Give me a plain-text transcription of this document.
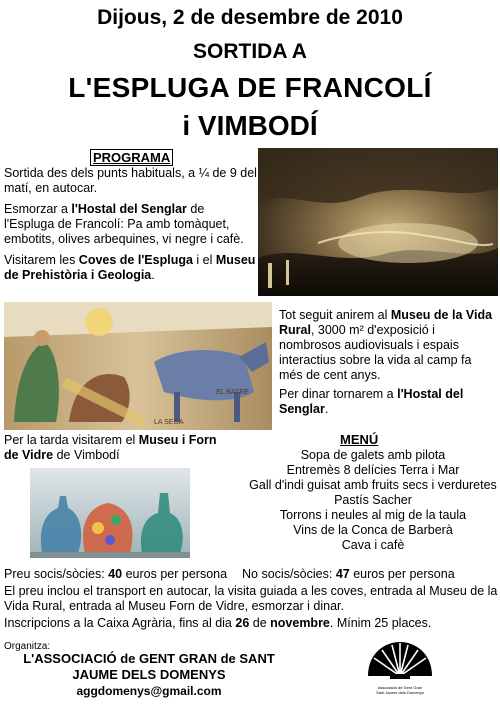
Dijous, 2 de desembre de 2010
SORTIDA A
L'ESPLUGA DE FRANCOLÍ
i VIMBODÍ
PROGRAMA
Sortida des dels punts habituals, a ¼ de 9 del matí, en autocar.
Esmorzar a l'Hostal del Senglar de l'Espluga de Francolí: Pa amb tomàquet, embotits, olives arbequines, vi negre i cafè.
Visitarem les Coves de l'Espluga i el Museu de Prehistòria i Geologia.
EL BATRE
LA SEGA
Tot seguit anirem al Museu de la Vida Rural, 3000 m² d'exposició i nombrosos audiovisuals i espais interactius sobre la vida al camp fa més de cent anys.
Per dinar tornarem a l'Hostal del Senglar.
Per la tarda visitarem el Museu i Forn de Vidre de Vimbodí
MENÚ
Sopa de galets amb pilota
Entremès 8 delícies Terra i Mar
Gall d'indi guisat amb fruits secs i verduretes
Pastís Sacher
Torrons i neules al mig de la taula
Vins de la Conca de Barberà
Cava i cafè
Preu socis/sòcies: 40 euros per persona No socis/sòcies: 47 euros per persona
El preu inclou el transport en autocar, la visita guiada a les coves, entrada al Museu de la Vida Rural, entrada al Museu Forn de Vidre, esmorzar i dinar.
Inscripcions a la Caixa Agrària, fins al dia 26 de novembre. Mínim 25 places.
Organitza:
L'ASSOCIACIÓ de GENT GRAN de SANT
JAUME DELS DOMENYS
aggdomenys@gmail.com	Associació de Gent Gran
Sant Jaume dels Domenys
